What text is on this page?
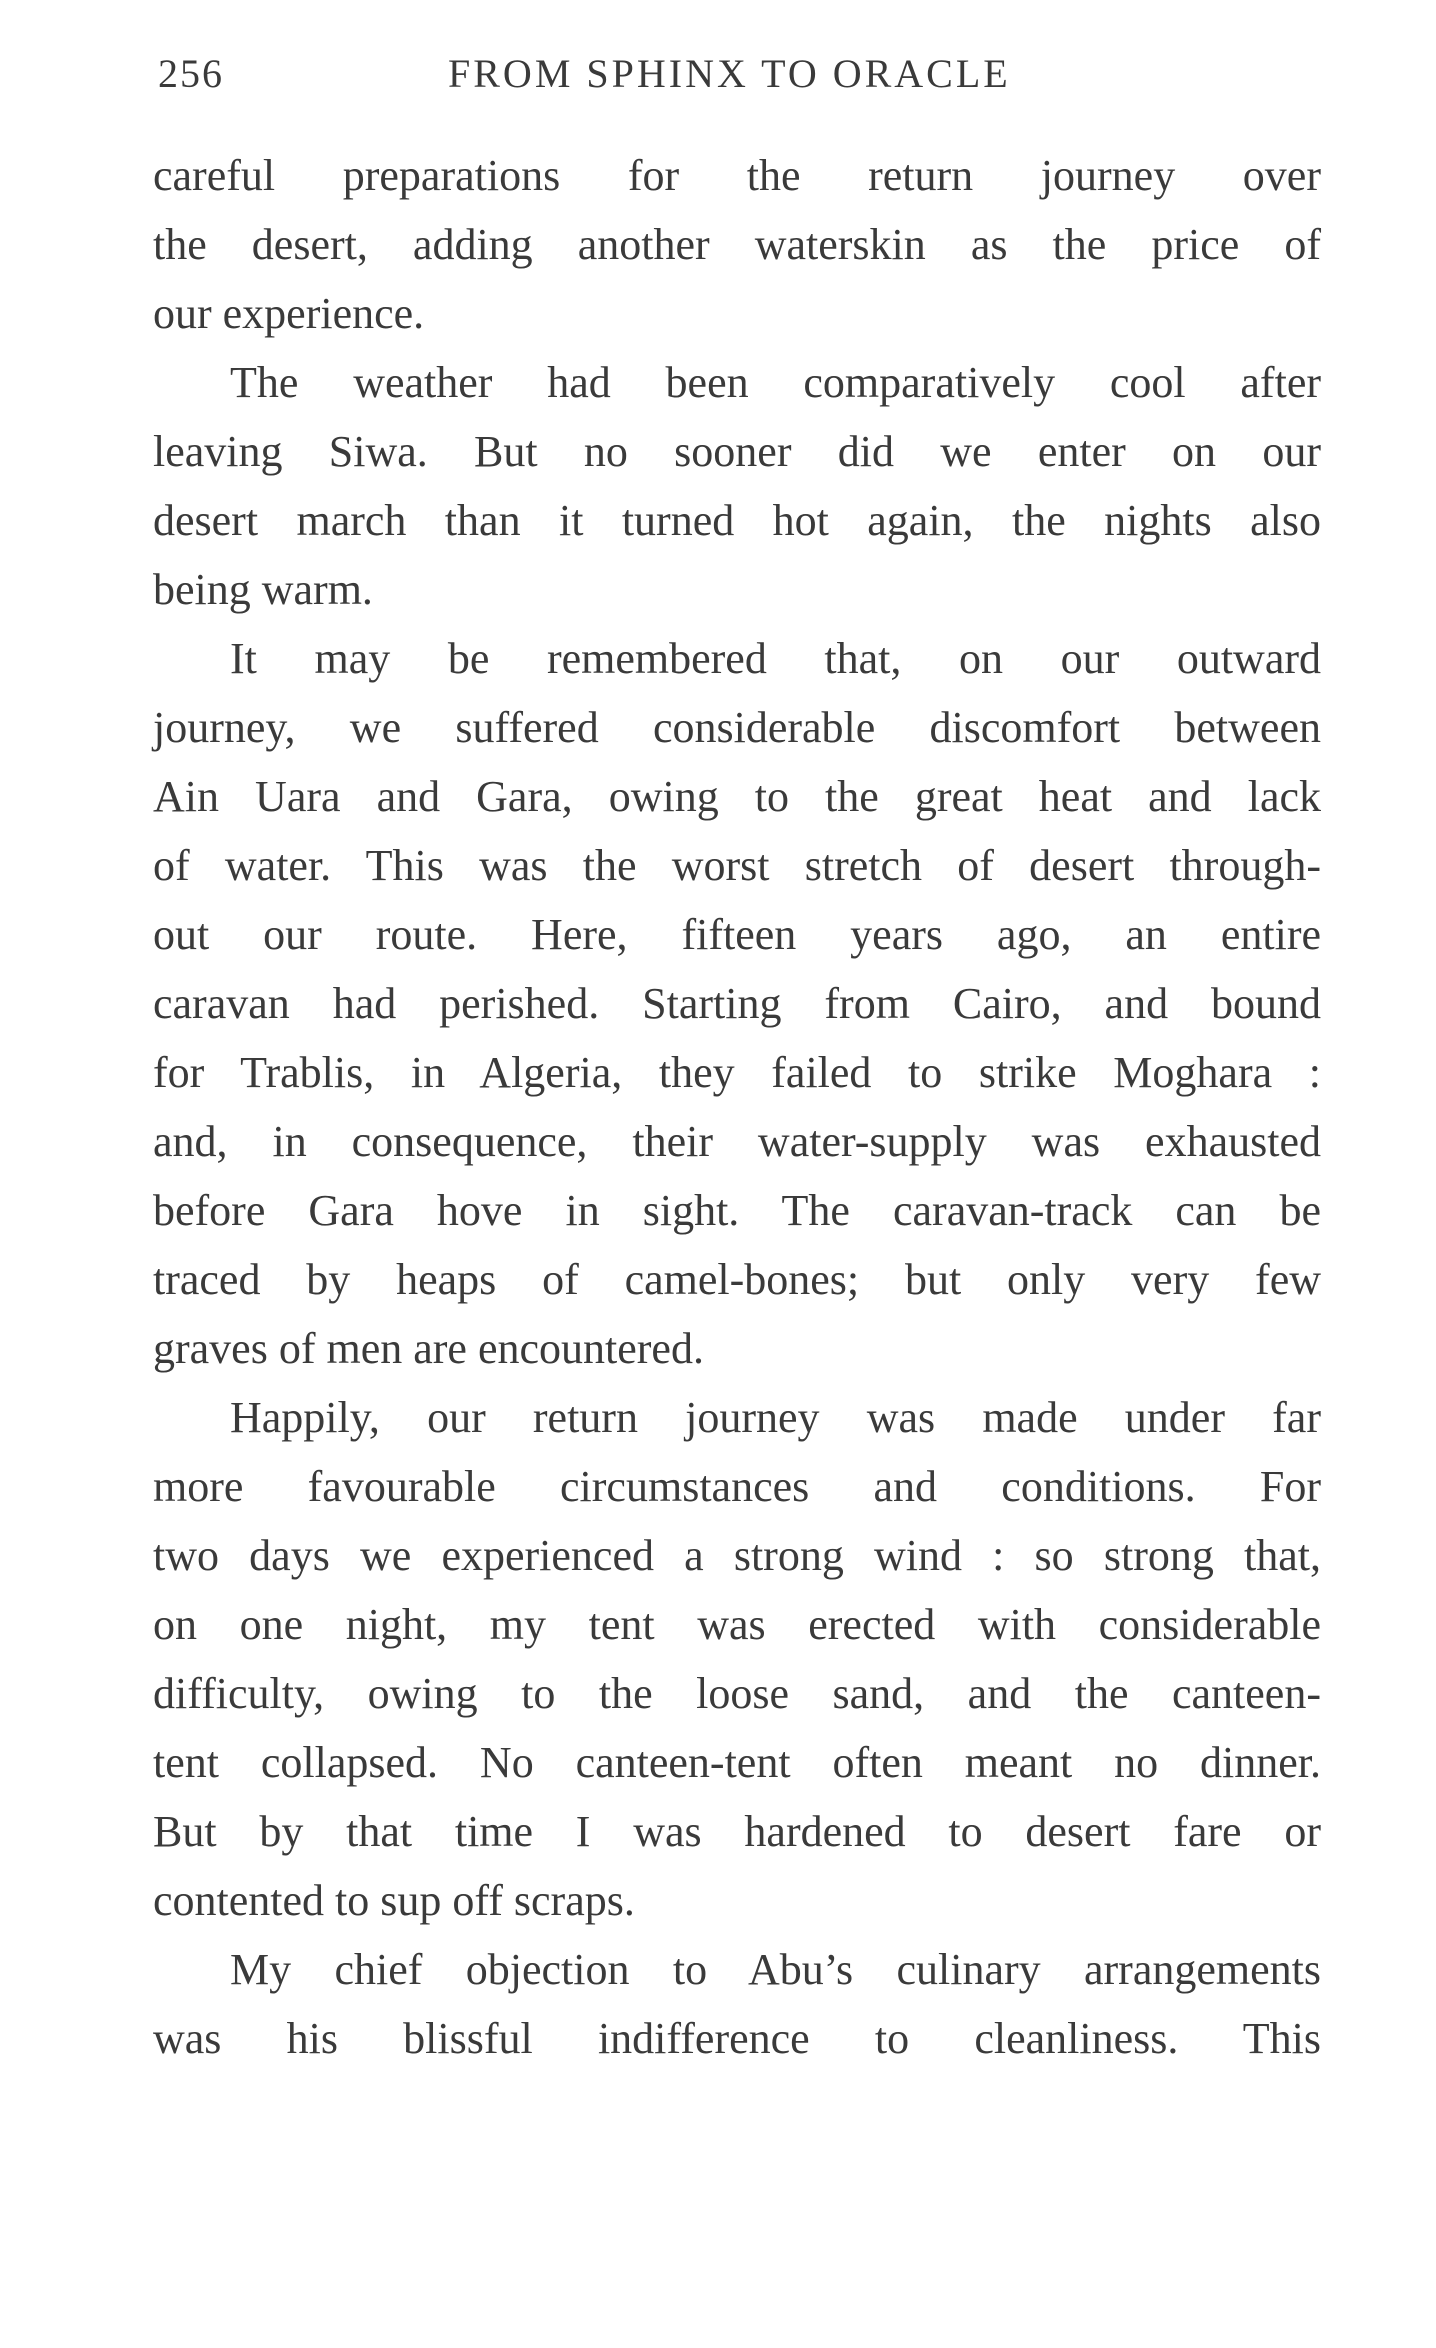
256	FROM SPHINX TO ORACLE
careful preparations for the return journey over
the desert, adding another waterskin as the price of
our experience.
The weather had been comparatively cool after
leaving Siwa. But no sooner did we enter on our
desert march than it turned hot again, the nights also
being warm.
It may be remembered that, on our outward
journey, we suffered considerable discomfort between
Ain Uara and Gara, owing to the great heat and lack
of water. This was the worst stretch of desert through-
out our route. Here, fifteen years ago, an entire
caravan had perished. Starting from Cairo, and bound
for Trablis, in Algeria, they failed to strike Moghara :
and, in consequence, their water-supply was exhausted
before Gara hove in sight. The caravan-track can be
traced by heaps of camel-bones; but only very few
graves of men are encountered.
Happily, our return journey was made under far
more favourable circumstances and conditions. For
two days we experienced a strong wind : so strong that,
on one night, my tent was erected with considerable
difficulty, owing to the loose sand, and the canteen-
tent collapsed. No canteen-tent often meant no dinner.
But by that time I was hardened to desert fare or
contented to sup off scraps.
My chief objection to Abu’s culinary arrangements
was his blissful indifference to cleanliness. This
